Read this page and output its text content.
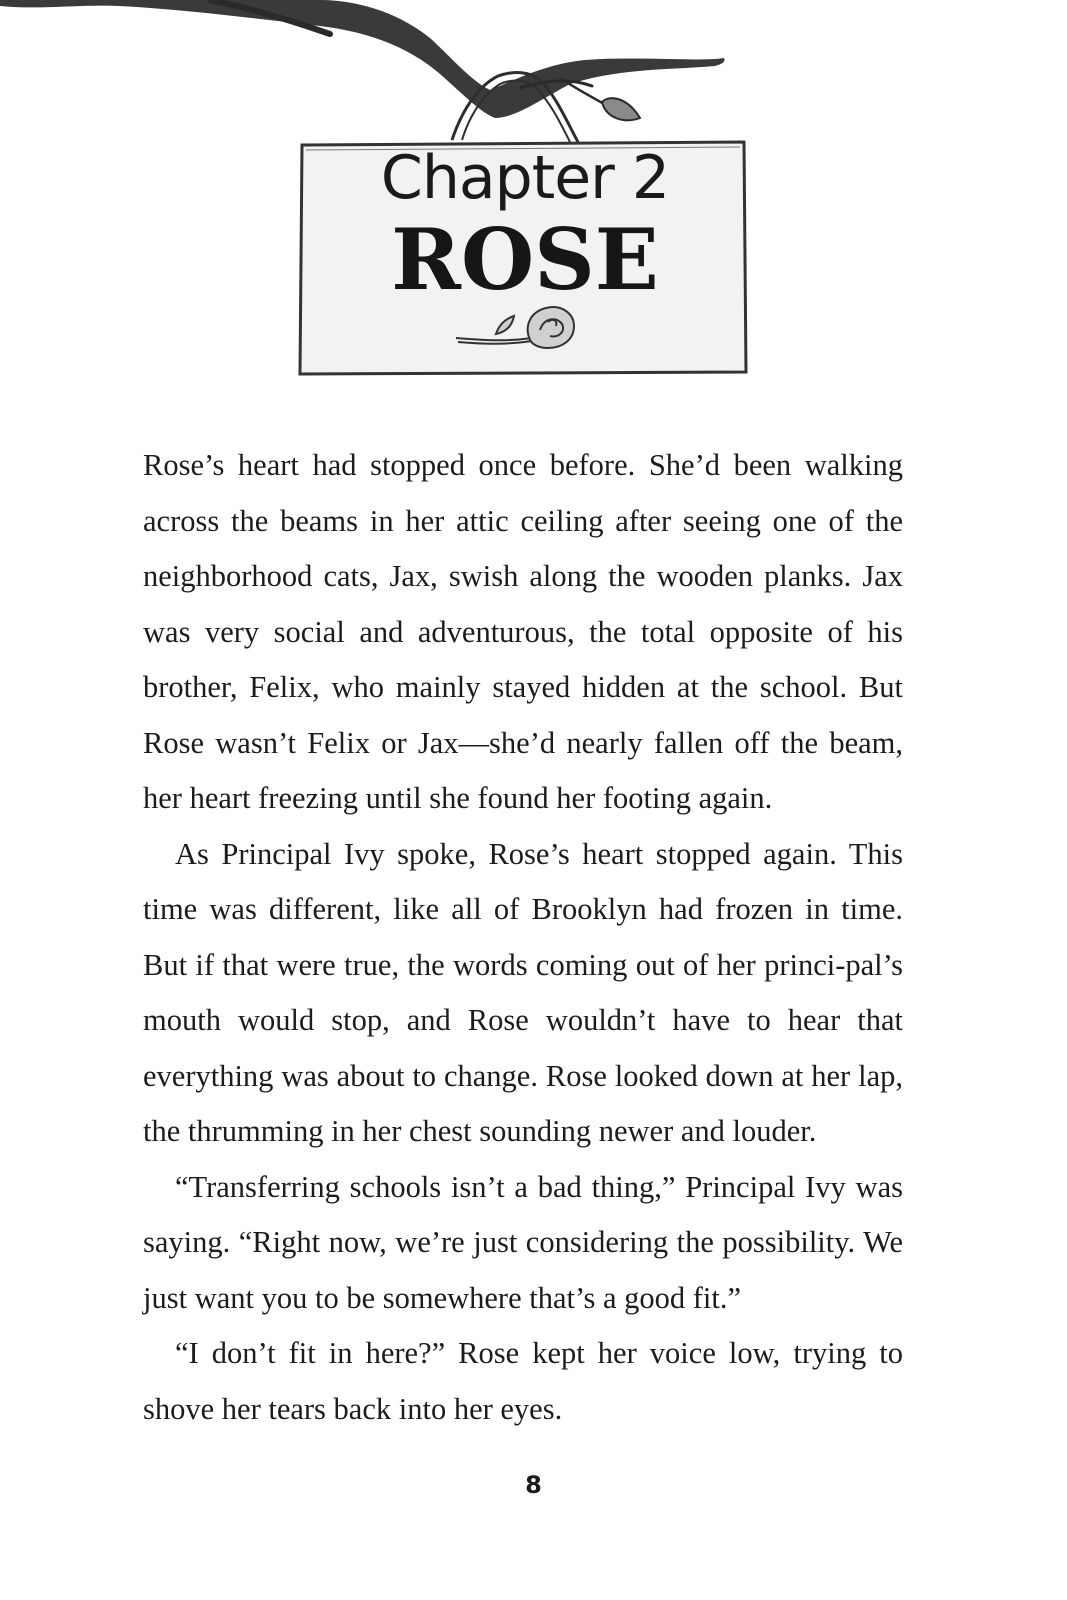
Chapter 2
ROSE

Rose’s heart had stopped once before. She’d been walking across the beams in her attic ceiling after seeing one of the neighborhood cats, Jax, swish along the wooden planks. Jax was very social and adventurous, the total opposite of his brother, Felix, who mainly stayed hidden at the school. But Rose wasn’t Felix or Jax—she’d nearly fallen off the beam, her heart freezing until she found her footing again.

As Principal Ivy spoke, Rose’s heart stopped again. This time was different, like all of Brooklyn had frozen in time. But if that were true, the words coming out of her princi-pal’s mouth would stop, and Rose wouldn’t have to hear that everything was about to change. Rose looked down at her lap, the thrumming in her chest sounding newer and louder.

“Transferring schools isn’t a bad thing,” Principal Ivy was saying. “Right now, we’re just considering the possibility. We just want you to be somewhere that’s a good fit.”

“I don’t fit in here?” Rose kept her voice low, trying to shove her tears back into her eyes.

8
